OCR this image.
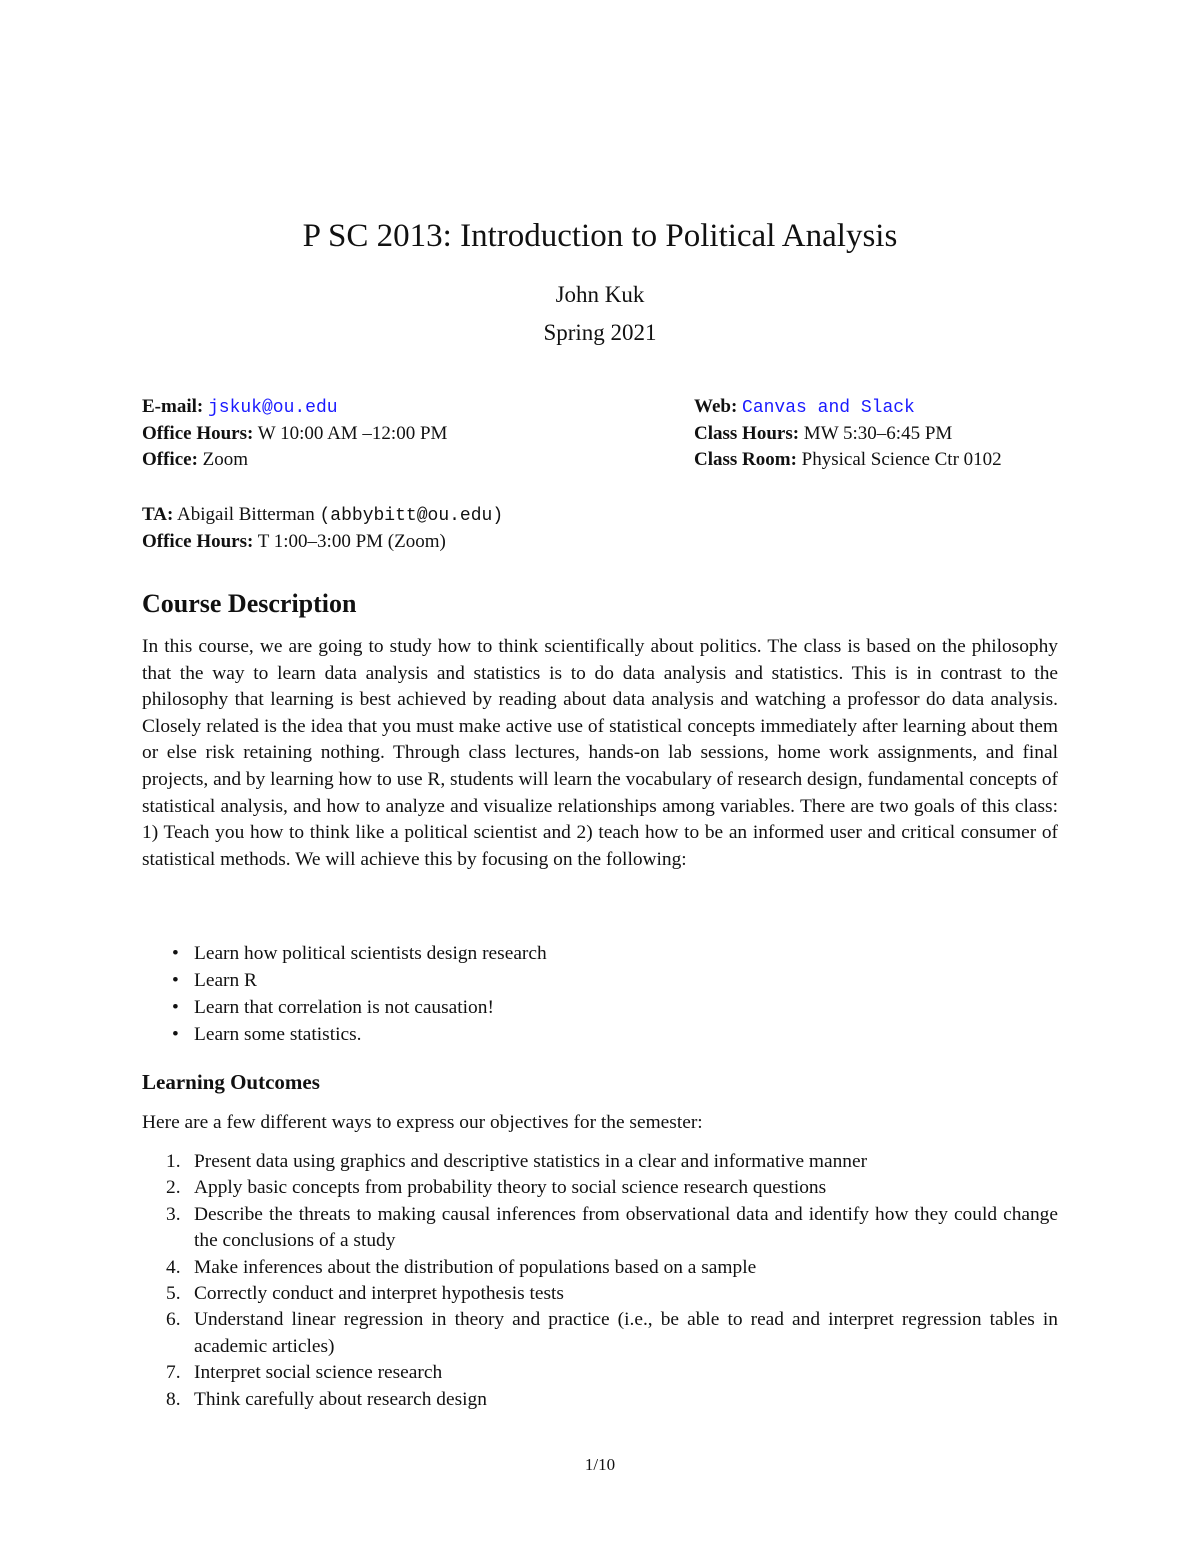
P SC 2013: Introduction to Political Analysis
John Kuk
Spring 2021
E-mail: jskuk@ou.edu
Office Hours: W 10:00 AM –12:00 PM
Office: Zoom
Web: Canvas and Slack
Class Hours: MW 5:30–6:45 PM
Class Room: Physical Science Ctr 0102
TA: Abigail Bitterman (abbybitt@ou.edu)
Office Hours: T 1:00–3:00 PM (Zoom)
Course Description

In this course, we are going to study how to think scientifically about politics. The class is based on the philosophy that the way to learn data analysis and statistics is to do data analysis and statistics. This is in contrast to the philosophy that learning is best achieved by reading about data analysis and watching a professor do data analysis. Closely related is the idea that you must make active use of statistical concepts immediately after learning about them or else risk retaining nothing. Through class lectures, hands-on lab sessions, home work assignments, and final projects, and by learning how to use R, students will learn the vocabulary of research design, fundamental concepts of statistical analysis, and how to analyze and visualize relationships among variables. There are two goals of this class: 1) Teach you how to think like a political scientist and 2) teach how to be an informed user and critical consumer of statistical methods. We will achieve this by focusing on the following:

• Learn how political scientists design research
• Learn R
• Learn that correlation is not causation!
• Learn some statistics.
Learning Outcomes

Here are a few different ways to express our objectives for the semester:

1. Present data using graphics and descriptive statistics in a clear and informative manner
2. Apply basic concepts from probability theory to social science research questions
3. Describe the threats to making causal inferences from observational data and identify how they could change the conclusions of a study
4. Make inferences about the distribution of populations based on a sample
5. Correctly conduct and interpret hypothesis tests
6. Understand linear regression in theory and practice (i.e., be able to read and interpret regression tables in academic articles)
7. Interpret social science research
8. Think carefully about research design
1/10
